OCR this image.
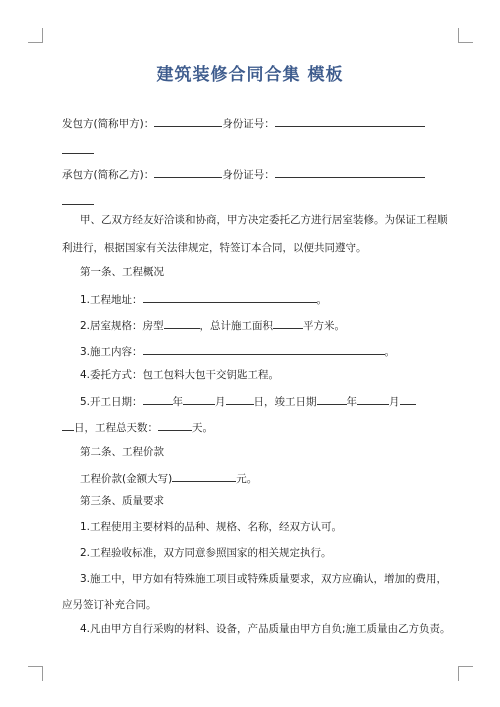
建筑装修合同合集 模板
发包方(简称甲方)：	身份证号：
承包方(简称乙方)：	身份证号：
甲、乙双方经友好洽谈和协商，甲方决定委托乙方进行居室装修。为保证工程顺
利进行，根据国家有关法律规定，特签订本合同，以便共同遵守。
第一条、工程概况
1.工程地址：	。
2.居室规格：房型	，总计施工面积	平方米。
3.施工内容：	。
4.委托方式：包工包料大包干交钥匙工程。
5.开工日期：	年	月	日，竣工日期	年	月
日，工程总天数：	天。
第二条、工程价款
工程价款(金额大写)	元。
第三条、质量要求
1.工程使用主要材料的品种、规格、名称，经双方认可。
2.工程验收标准，双方同意参照国家的相关规定执行。
3.施工中，甲方如有特殊施工项目或特殊质量要求，双方应确认，增加的费用，
应另签订补充合同。
4.凡由甲方自行采购的材料、设备，产品质量由甲方自负;施工质量由乙方负责。
